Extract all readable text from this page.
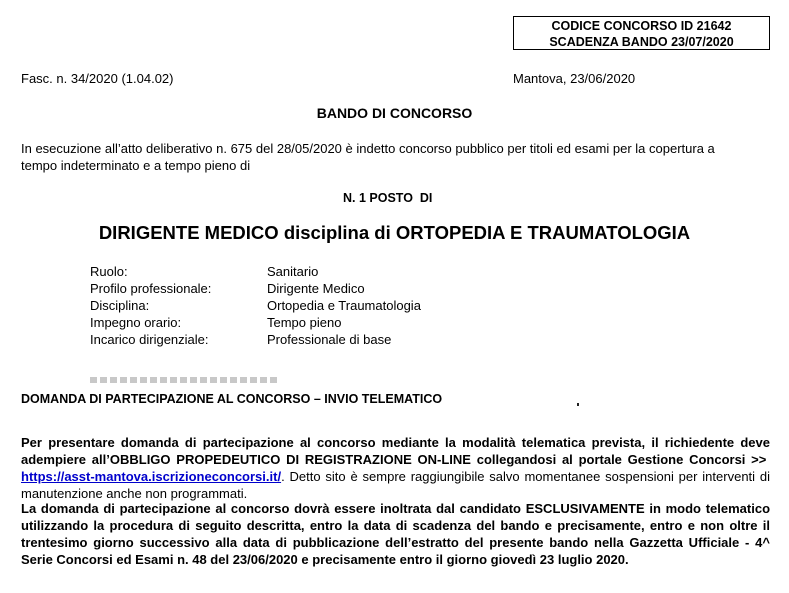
CODICE CONCORSO ID 21642
SCADENZA BANDO 23/07/2020
Fasc. n. 34/2020 (1.04.02)	Mantova, 23/06/2020
BANDO DI CONCORSO
In esecuzione all’atto deliberativo n. 675 del 28/05/2020 è indetto concorso pubblico per titoli ed esami per la copertura a
tempo indeterminato e a tempo pieno di
N. 1 POSTO  DI
DIRIGENTE MEDICO disciplina di ORTOPEDIA E TRAUMATOLOGIA
Ruolo:	Sanitario
Profilo professionale:	Dirigente Medico
Disciplina:	Ortopedia e Traumatologia
Impegno orario:	Tempo pieno
Incarico dirigenziale:	Professionale di base
DOMANDA DI PARTECIPAZIONE AL CONCORSO – INVIO TELEMATICO
Per presentare domanda di partecipazione al concorso mediante la modalità telematica prevista, il richiedente deve adempiere all’OBBLIGO PROPEDEUTICO DI REGISTRAZIONE ON-LINE collegandosi al portale Gestione Concorsi >>  https://asst-mantova.iscrizioneconcorsi.it/. Detto sito è sempre raggiungibile salvo momentanee sospensioni per interventi di manutenzione anche non programmati.
La domanda di partecipazione al concorso dovrà essere inoltrata dal candidato ESCLUSIVAMENTE in modo telematico utilizzando la procedura di seguito descritta, entro la data di scadenza del bando e precisamente, entro e non oltre il trentesimo giorno successivo alla data di pubblicazione dell’estratto del presente bando nella Gazzetta Ufficiale - 4^ Serie Concorsi ed Esami n. 48 del 23/06/2020 e precisamente entro il giorno giovedì 23 luglio 2020.
